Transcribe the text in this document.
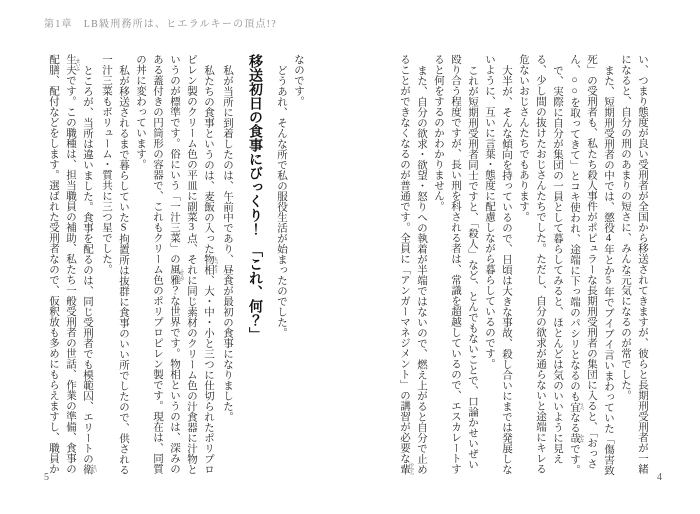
第1章　LB級刑務所は、ヒエラルキーの頂点!?
い、つまり態度が良い受刑者が全国から移送されてきますが、彼らと長期刑受刑者が一緒になると、自分の刑のあまりの短さに、みんな元気になるのが常でした。
また、短期刑受刑者の中では、懲役4年とか5年でブイブイ言いまわっていた「傷害致死」の受刑者も、私たち殺人事件がポピュラーな長期刑受刑者の集団に入ると、「おっさん、○○を取ってきて」とコキ使われ、途端に下っ端のパシリとなるのも宜 うべなる哉 かなです。
で、実際に自分が集団の一員として暮らしてみると、ほとんどは気のいいように見える、少し間の抜けたおじさんたちでした。ただし、自分の欲求が通らないと途端にキレる危ないおじさんたちでもあります。
大半が、そんな傾向を持っているので、日頃は大きな事故、殺し合いにまでは発展しないように、互いに言葉・態度に配慮しながら暮らしているのです。
これが短期刑受刑者同士ですと、「殺人」など、とんでもないことで、口論かせいぜい殴り合う程度ですが、長い刑を科される者は、常識を超越しているので、エスカレートすると何をするのかわかりません。
また、自分の欲求・欲望・怒りへの執着が半端ではないので、燃え上がると自分で止めることができなくなるのが普通です。全員に「アンガーマネジメント」の講習が必要な輩 やから
なのです。
どうあれ、そんな所で私の服役生活が始まったのでした。
移送初日の食事にびっくり！　「これ、何？」
私が当所に到着したのは、午前中であり、昼食が最初の食事になりました。
私たちの食事というのは、麦飯の入った物相 もっそう、大・中・小と三つに仕切られたポリプロピレン製のクリーム色の平皿に副菜3点、それに同じ素材のクリーム色の汁食器に汁物というのが標準です。俗にいう「一汁三菜」の風雅 ふうが？な世界です。物相というのは、深みのある蓋付きの円筒形の容器で、これもクリーム色のポリプロピレン製です。現在は、同質の丼に変わっています。
私が移送されるまで暮らしていたS拘置所は抜群に食事のいい所でしたので、供される一汁三菜もボリューム・質共に三つ星でした。
ところが、当所は違いました。食事を配るのは、同じ受刑者でも模範囚、エリートの衛 えい生夫 せいふです。この職種は、担当職員の補助、私たち一般受刑者の世話、作業の準備、食事の配膳、配付などをします。選ばれた受刑者なので、仮釈放も多めにもらえますし、職員か
4
5
